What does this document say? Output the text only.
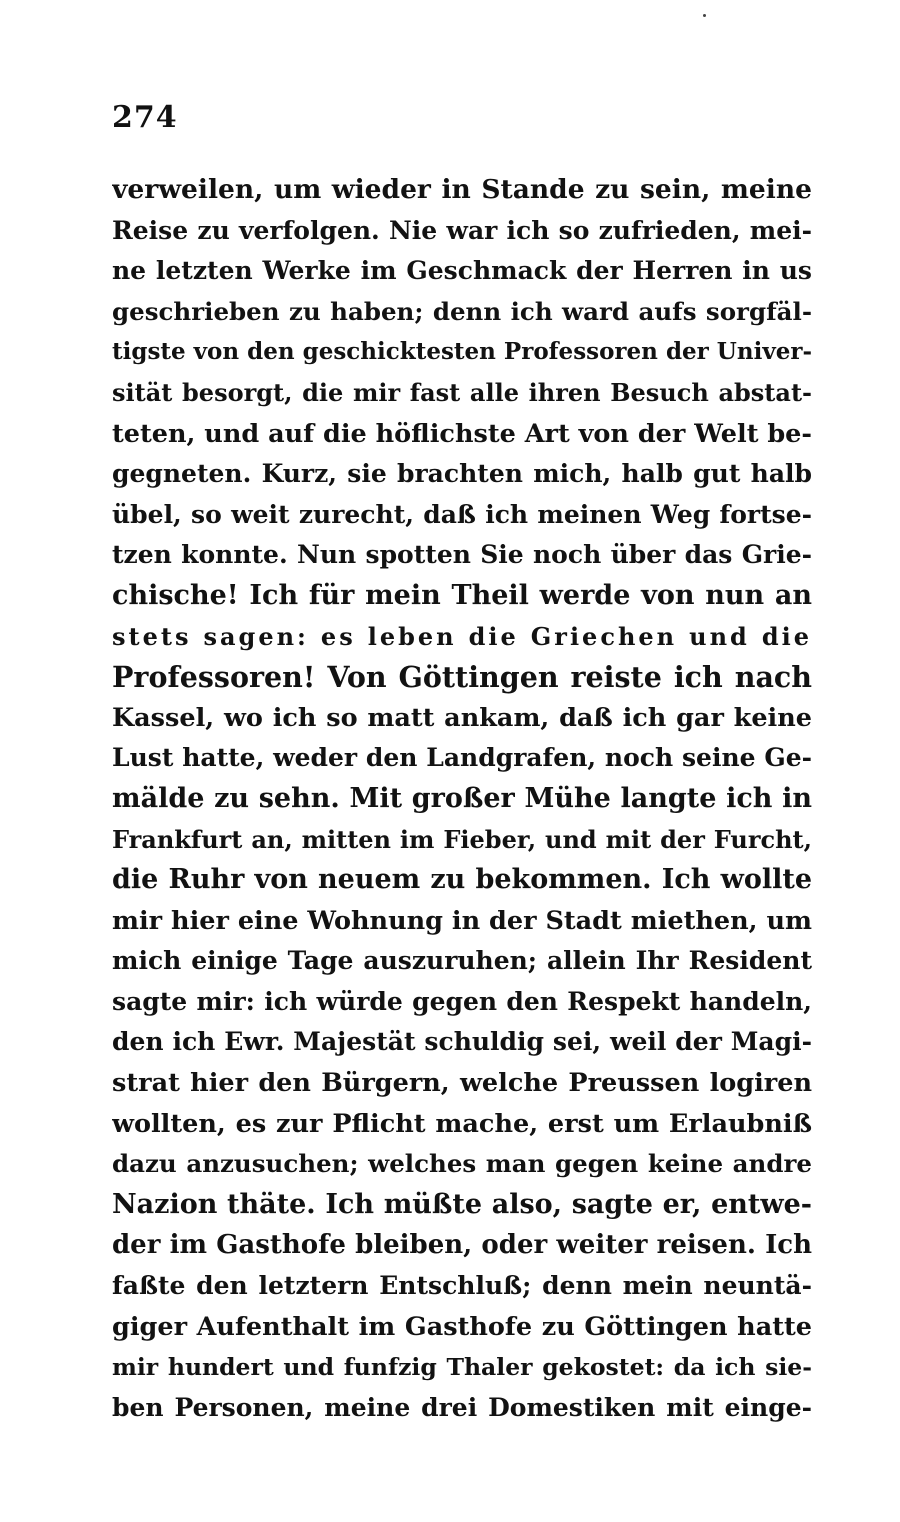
274
verweilen, um wieder in Stande zu sein, meine
Reise zu verfolgen. Nie war ich so zufrieden, mei-
ne letzten Werke im Geschmack der Herren in us
geschrieben zu haben; denn ich ward aufs sorgfäl-
tigste von den geschicktesten Professoren der Univer-
sität besorgt, die mir fast alle ihren Besuch abstat-
teten, und auf die höflichste Art von der Welt be-
gegneten. Kurz, sie brachten mich, halb gut halb
übel, so weit zurecht, daß ich meinen Weg fortse-
tzen konnte. Nun spotten Sie noch über das Grie-
chische! Ich für mein Theil werde von nun an
stets sagen: es leben die Griechen und die
Professoren! Von Göttingen reiste ich nach
Kassel, wo ich so matt ankam, daß ich gar keine
Lust hatte, weder den Landgrafen, noch seine Ge-
mälde zu sehn. Mit großer Mühe langte ich in
Frankfurt an, mitten im Fieber, und mit der Furcht,
die Ruhr von neuem zu bekommen. Ich wollte
mir hier eine Wohnung in der Stadt miethen, um
mich einige Tage auszuruhen; allein Ihr Resident
sagte mir: ich würde gegen den Respekt handeln,
den ich Ewr. Majestät schuldig sei, weil der Magi-
strat hier den Bürgern, welche Preussen logiren
wollten, es zur Pflicht mache, erst um Erlaubniß
dazu anzusuchen; welches man gegen keine andre
Nazion thäte. Ich müßte also, sagte er, entwe-
der im Gasthofe bleiben, oder weiter reisen. Ich
faßte den letztern Entschluß; denn mein neuntä-
giger Aufenthalt im Gasthofe zu Göttingen hatte
mir hundert und funfzig Thaler gekostet: da ich sie-
ben Personen, meine drei Domestiken mit einge-
